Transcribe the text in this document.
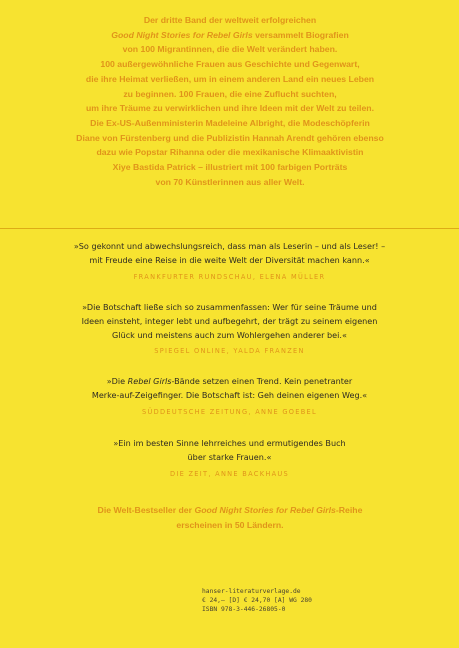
Der dritte Band der weltweit erfolgreichen
Good Night Stories for Rebel Girls versammelt Biografien
von 100 Migrantinnen, die die Welt verändert haben.
100 außergewöhnliche Frauen aus Geschichte und Gegenwart,
die ihre Heimat verließen, um in einem anderen Land ein neues Leben
zu beginnen. 100 Frauen, die eine Zuflucht suchten,
um ihre Träume zu verwirklichen und ihre Ideen mit der Welt zu teilen.
Die Ex-US-Außenministerin Madeleine Albright, die Modeschöpferin
Diane von Fürstenberg und die Publizistin Hannah Arendt gehören ebenso
dazu wie Popstar Rihanna oder die mexikanische Klimaaktivistin
Xiye Bastida Patrick – illustriert mit 100 farbigen Porträts
von 70 Künstlerinnen aus aller Welt.
»So gekonnt und abwechslungsreich, dass man als Leserin – und als Leser! –
mit Freude eine Reise in die weite Welt der Diversität machen kann.«
FRANKFURTER RUNDSCHAU, ELENA MÜLLER
»Die Botschaft ließe sich so zusammenfassen: Wer für seine Träume und
Ideen einsteht, integer lebt und aufbegehrt, der trägt zu seinem eigenen
Glück und meistens auch zum Wohlergehen anderer bei.«
SPIEGEL ONLINE, YALDA FRANZEN
»Die Rebel Girls-Bände setzen einen Trend. Kein penetranter
Merke-auf-Zeigefinger. Die Botschaft ist: Geh deinen eigenen Weg.«
SÜDDEUTSCHE ZEITUNG, ANNE GOEBEL
»Ein im besten Sinne lehrreiches und ermutigendes Buch
über starke Frauen.«
DIE ZEIT, ANNE BACKHAUS
Die Welt-Bestseller der Good Night Stories for Rebel Girls-Reihe
erscheinen in 50 Ländern.
hanser-literaturverlage.de
€ 24,– [D] € 24,70 [A] WG 280
ISBN 978-3-446-26805-0
